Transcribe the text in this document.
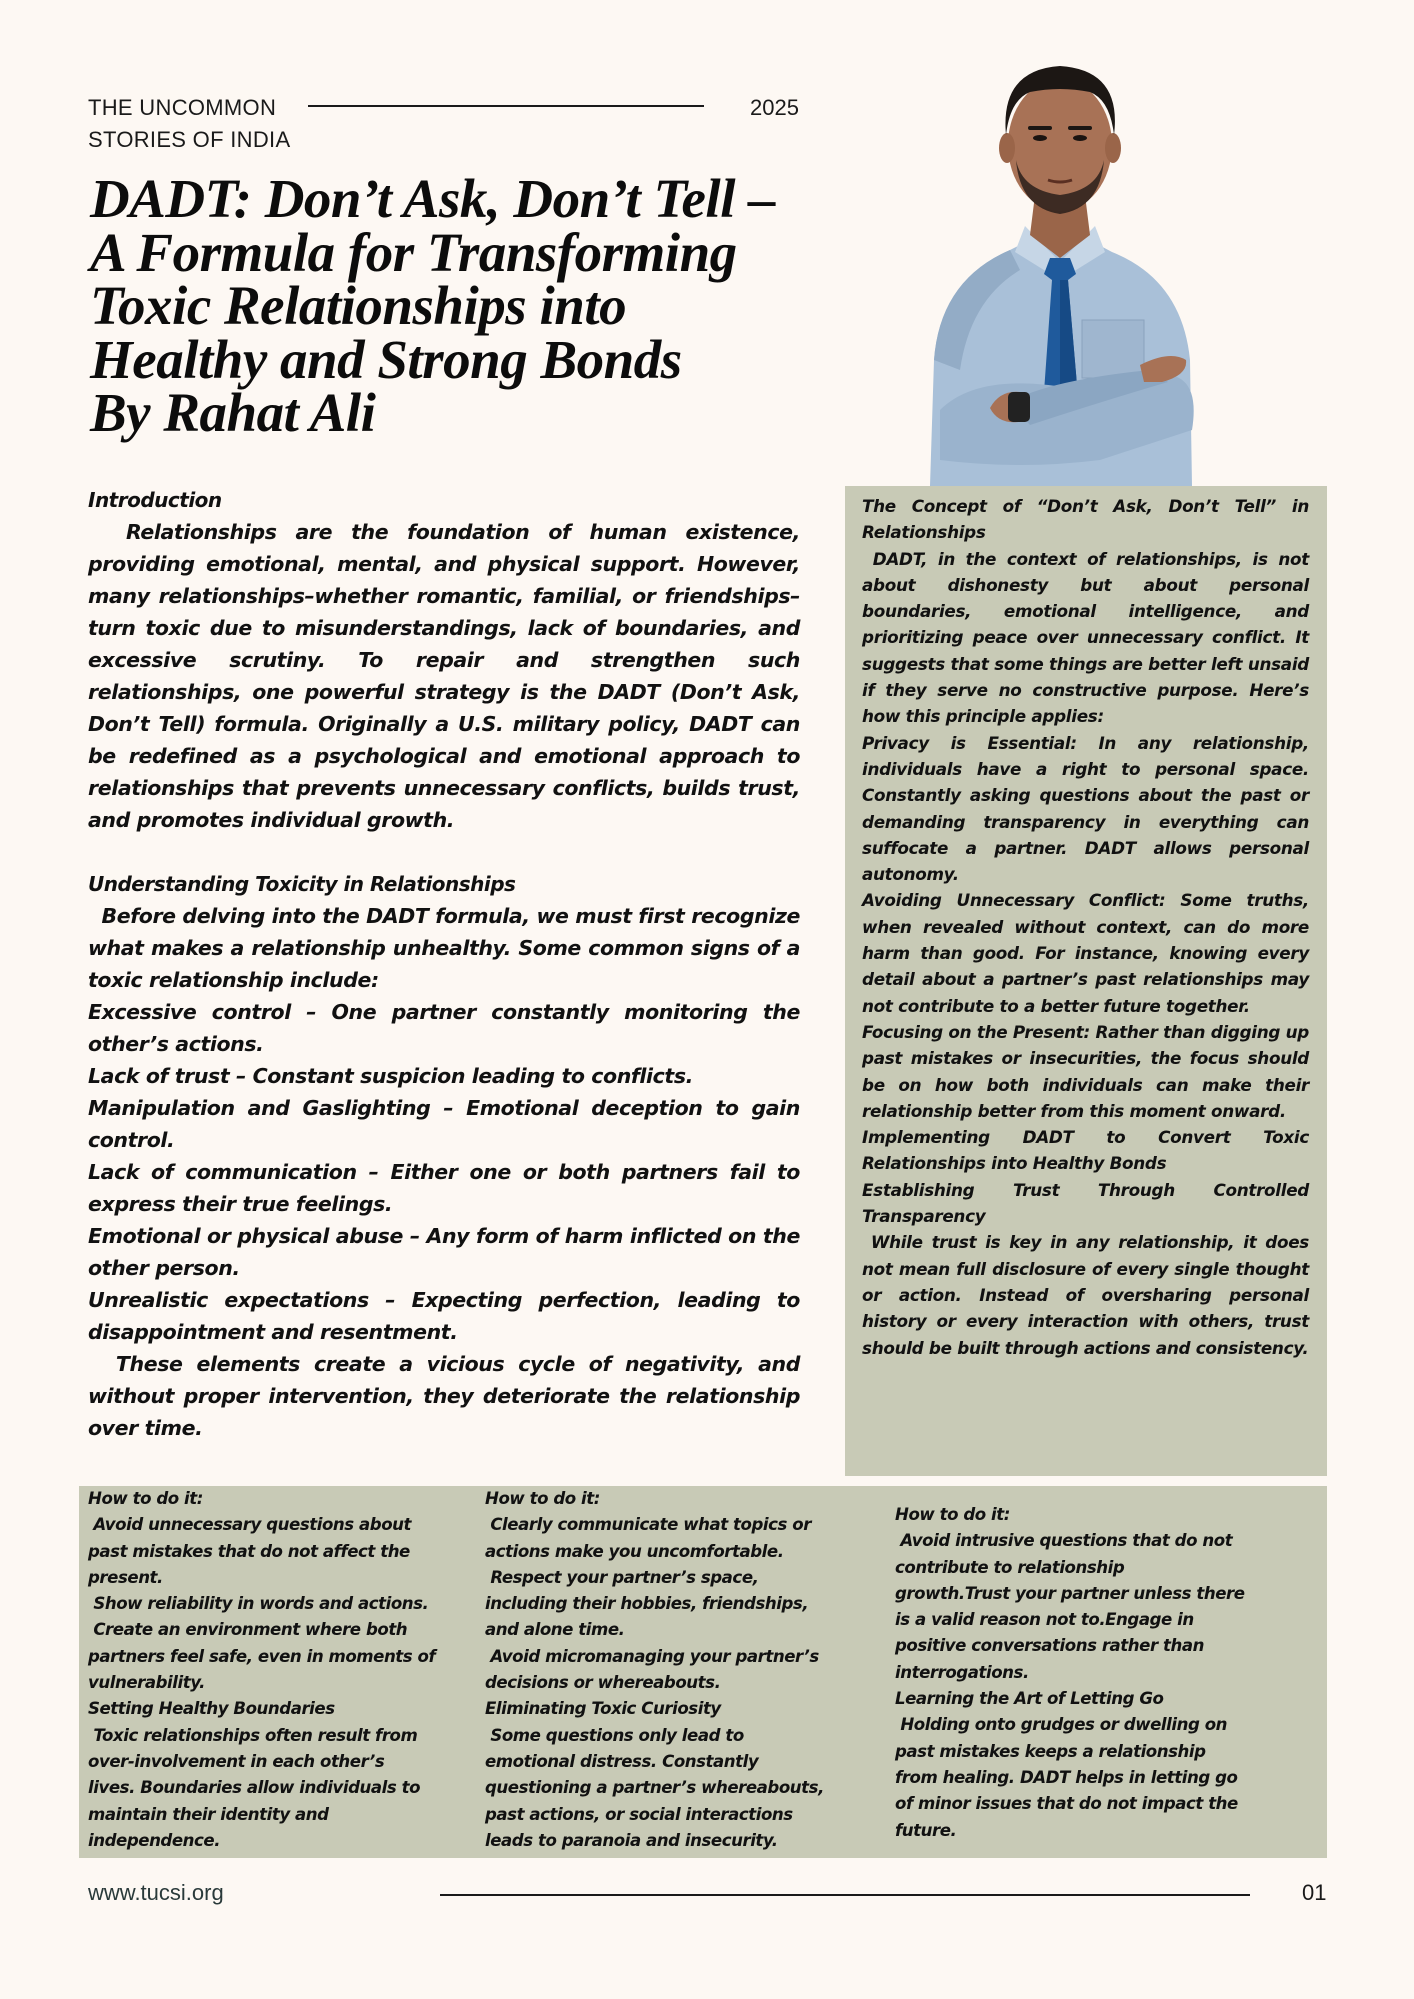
THE UNCOMMON
STORIES OF INDIA
2025
DADT: Don’t Ask, Don’t Tell –
A Formula for Transforming
Toxic Relationships into
Healthy and Strong Bonds
By Rahat Ali

Introduction

Relationships are the foundation of human existence, providing emotional, mental, and physical support. However, many relationships–whether romantic, familial, or friendships–turn toxic due to misunderstandings, lack of boundaries, and excessive scrutiny. To repair and strengthen such relationships, one powerful strategy is the DADT (Don’t Ask, Don’t Tell) formula. Originally a U.S. military policy, DADT can be redefined as a psychological and emotional approach to relationships that prevents unnecessary conflicts, builds trust, and promotes individual growth.

Understanding Toxicity in Relationships

Before delving into the DADT formula, we must first recognize what makes a relationship unhealthy. Some common signs of a toxic relationship include:

Excessive control – One partner constantly monitoring the other’s actions.

Lack of trust – Constant suspicion leading to conflicts.

Manipulation and Gaslighting – Emotional deception to gain control.

Lack of communication – Either one or both partners fail to express their true feelings.

Emotional or physical abuse – Any form of harm inflicted on the other person.

Unrealistic expectations – Expecting perfection, leading to disappointment and resentment.

These elements create a vicious cycle of negativity, and without proper intervention, they deteriorate the relationship over time.

The Concept of “Don’t Ask, Don’t Tell” in Relationships

DADT, in the context of relationships, is not about dishonesty but about personal boundaries, emotional intelligence, and prioritizing peace over unnecessary conflict. It suggests that some things are better left unsaid if they serve no constructive purpose. Here’s how this principle applies:

Privacy is Essential: In any relationship, individuals have a right to personal space. Constantly asking questions about the past or demanding transparency in everything can suffocate a partner. DADT allows personal autonomy.

Avoiding Unnecessary Conflict: Some truths, when revealed without context, can do more harm than good. For instance, knowing every detail about a partner’s past relationships may not contribute to a better future together.

Focusing on the Present: Rather than digging up past mistakes or insecurities, the focus should be on how both individuals can make their relationship better from this moment onward.

Implementing DADT to Convert Toxic Relationships into Healthy Bonds

Establishing Trust Through Controlled Transparency

While trust is key in any relationship, it does not mean full disclosure of every single thought or action. Instead of oversharing personal history or every interaction with others, trust should be built through actions and consistency.

How to do it:

Avoid unnecessary questions about

past mistakes that do not affect the

present.

Show reliability in words and actions.

Create an environment where both

partners feel safe, even in moments of

vulnerability.

Setting Healthy Boundaries

Toxic relationships often result from

over-involvement in each other’s

lives. Boundaries allow individuals to

maintain their identity and

independence.

How to do it:

Clearly communicate what topics or

actions make you uncomfortable.

Respect your partner’s space,

including their hobbies, friendships,

and alone time.

Avoid micromanaging your partner’s

decisions or whereabouts.

Eliminating Toxic Curiosity

Some questions only lead to

emotional distress. Constantly

questioning a partner’s whereabouts,

past actions, or social interactions

leads to paranoia and insecurity.

How to do it:

Avoid intrusive questions that do not

contribute to relationship

growth.Trust your partner unless there

is a valid reason not to.Engage in

positive conversations rather than

interrogations.

Learning the Art of Letting Go

Holding onto grudges or dwelling on

past mistakes keeps a relationship

from healing. DADT helps in letting go

of minor issues that do not impact the

future.

www.tucsi.org	01
